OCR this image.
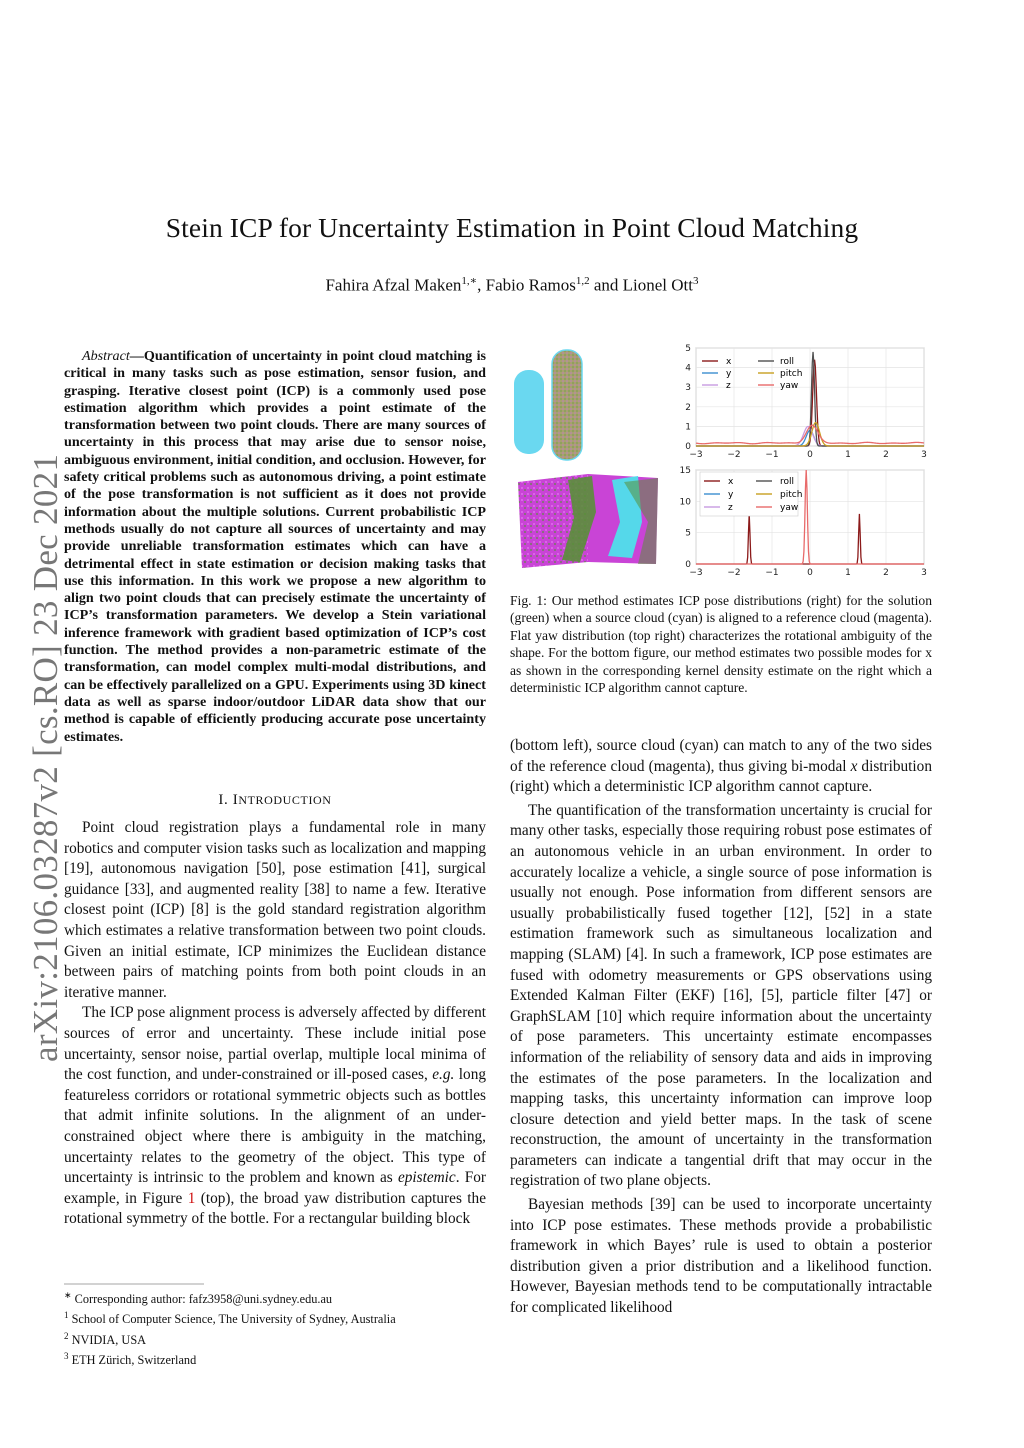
Stein ICP for Uncertainty Estimation in Point Cloud Matching
Fahira Afzal Maken$^{1,∗}$, Fabio Ramos$^{1,2}$ and Lionel Ott$^3$
arXiv:2106.03287v2 [cs.RO] 23 Dec 2021
Abstract—Quantification of uncertainty in point cloud matching is critical in many tasks such as pose estimation, sensor fusion, and grasping. Iterative closest point (ICP) is a commonly used pose estimation algorithm which provides a point estimate of the transformation between two point clouds. There are many sources of uncertainty in this process that may arise due to sensor noise, ambiguous environment, initial condition, and occlusion. However, for safety critical problems such as autonomous driving, a point estimate of the pose transformation is not sufficient as it does not provide information about the multiple solutions. Current probabilistic ICP methods usually do not capture all sources of uncertainty and may provide unreliable transformation estimates which can have a detrimental effect in state estimation or decision making tasks that use this information. In this work we propose a new algorithm to align two point clouds that can precisely estimate the uncertainty of ICP’s transformation parameters. We develop a Stein variational inference framework with gradient based optimization of ICP’s cost function. The method provides a non-parametric estimate of the transformation, can model complex multi-modal distributions, and can be effectively parallelized on a GPU. Experiments using 3D kinect data as well as sparse indoor/outdoor LiDAR data show that our method is capable of efficiently producing accurate pose uncertainty estimates.
I. INTRODUCTION

Point cloud registration plays a fundamental role in many robotics and computer vision tasks such as localization and mapping [19], autonomous navigation [50], pose estimation [41], surgical guidance [33], and augmented reality [38] to name a few. Iterative closest point (ICP) [8] is the gold standard registration algorithm which estimates a relative transformation between two point clouds. Given an initial estimate, ICP minimizes the Euclidean distance between pairs of matching points from both point clouds in an iterative manner.

The ICP pose alignment process is adversely affected by different sources of error and uncertainty. These include initial pose uncertainty, sensor noise, partial overlap, multiple local minima of the cost function, and under-constrained or ill-posed cases, e.g. long featureless corridors or rotational symmetric objects such as bottles that admit infinite solutions. In the alignment of an under-constrained object where there is ambiguity in the matching, uncertainty relates to the geometry of the object. This type of uncertainty is intrinsic to the problem and known as epistemic. For example, in Figure 1 (top), the broad yaw distribution captures the rotational symmetry of the bottle. For a rectangular building block

∗ Corresponding author: fafz3958@uni.sydney.edu.au
$^1$ School of Computer Science, The University of Sydney, Australia
$^2$ NVIDIA, USA
$^3$ ETH Zürich, Switzerland
−3	−2	−1	0	1	2	3
0
1
2
3
4
5
x
y
z
roll
pitch
yaw
−3	−2	−1	0	1	2	3
0
5
10
15
x
y
z
roll
pitch
yaw
Fig. 1: Our method estimates ICP pose distributions (right) for the solution (green) when a source cloud (cyan) is aligned to a reference cloud (magenta). Flat yaw distribution (top right) characterizes the rotational ambiguity of the shape. For the bottom figure, our method estimates two possible modes for x as shown in the corresponding kernel density estimate on the right which a deterministic ICP algorithm cannot capture.

(bottom left), source cloud (cyan) can match to any of the two sides of the reference cloud (magenta), thus giving bi-modal x distribution (right) which a deterministic ICP algorithm cannot capture.

The quantification of the transformation uncertainty is crucial for many other tasks, especially those requiring robust pose estimates of an autonomous vehicle in an urban environment. In order to accurately localize a vehicle, a single source of pose information is usually not enough. Pose information from different sensors are usually probabilistically fused together [12], [52] in a state estimation framework such as simultaneous localization and mapping (SLAM) [4]. In such a framework, ICP pose estimates are fused with odometry measurements or GPS observations using Extended Kalman Filter (EKF) [16], [5], particle filter [47] or GraphSLAM [10] which require information about the uncertainty of pose parameters. This uncertainty estimate encompasses information of the reliability of sensory data and aids in improving the estimates of the pose parameters. In the localization and mapping tasks, this uncertainty information can improve loop closure detection and yield better maps. In the task of scene reconstruction, the amount of uncertainty in the transformation parameters can indicate a tangential drift that may occur in the registration of two plane objects.

Bayesian methods [39] can be used to incorporate uncertainty into ICP pose estimates. These methods provide a probabilistic framework in which Bayes’ rule is used to obtain a posterior distribution given a prior distribution and a likelihood function. However, Bayesian methods tend to be computationally intractable for complicated likelihood
